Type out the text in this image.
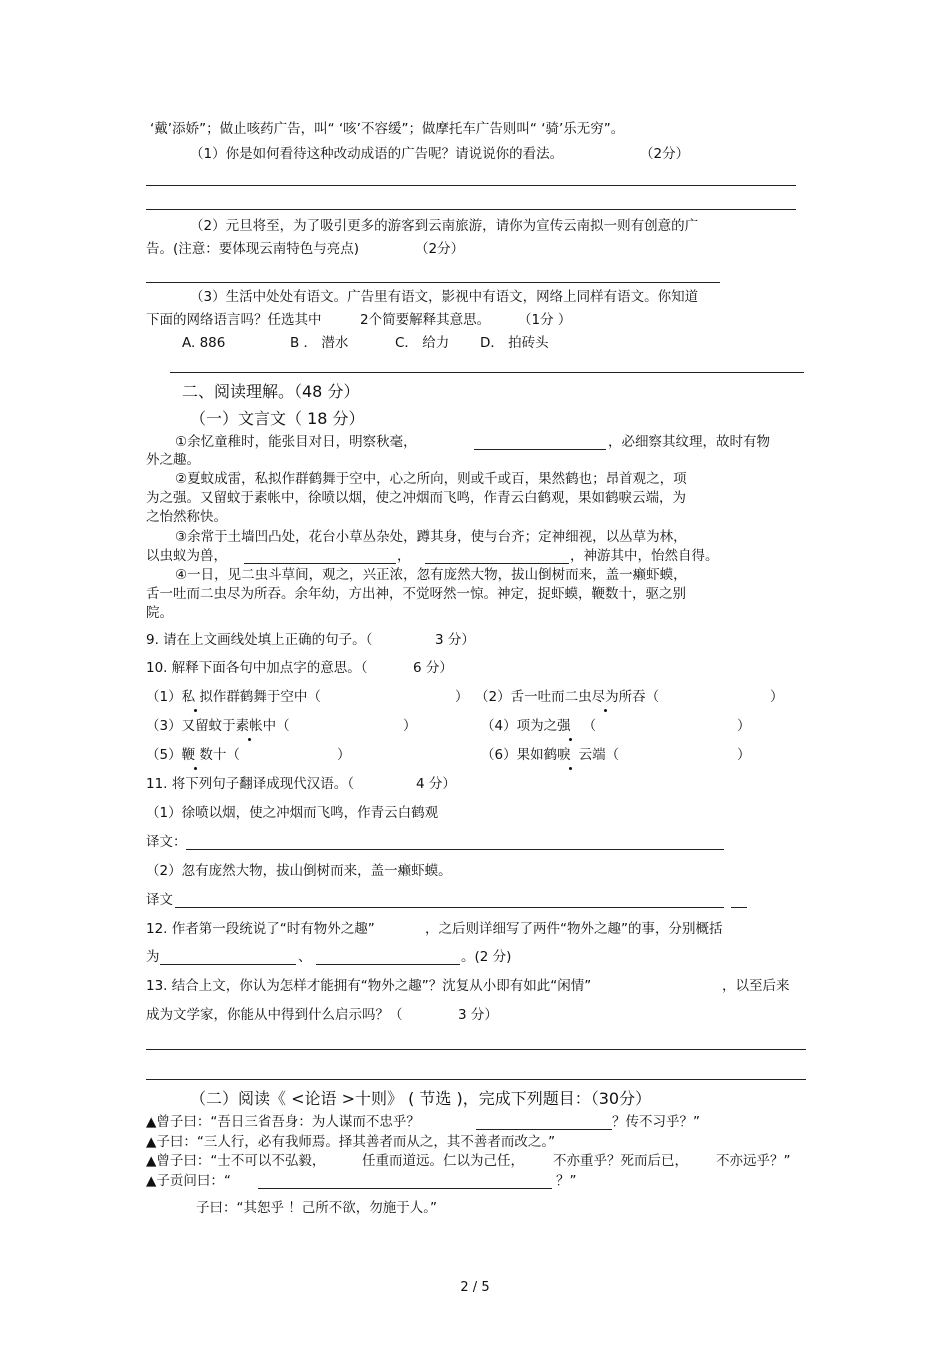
‘戴’添娇”；做止咳药广告，叫“ ‘咳’不容缓”；做摩托车广告则叫“ ‘骑’乐无穷”。
（1）你是如何看待这种改动成语的广告呢？请说说你的看法。	（2分）
（2）元旦将至，为了吸引更多的游客到云南旅游，请你为宣传云南拟一则有创意的广
告。(注意：要体现云南特色与亮点)	（2分）
（3）生活中处处有语文。广告里有语文，影视中有语文，网络上同样有语文。你知道
下面的网络语言吗？任选其中	2个简要解释其意思。 （1分 ）
A. 886	B ． 潜水	C． 给力 D． 拍砖头
二、阅读理解。（48 分）
（一）文言文（ 18 分）
①余忆童稚时，能张目对日，明察秋毫，	，必细察其纹理，故时有物
外之趣。
②夏蚊成雷，私拟作群鹤舞于空中，心之所向，则或千或百，果然鹤也；昂首观之，项
为之强。又留蚊于素帐中，徐喷以烟，使之冲烟而飞鸣，作青云白鹤观，果如鹤唳云端，为
之怡然称快。
③余常于土墙凹凸处，花台小草丛杂处，蹲其身，使与台齐；定神细视，以丛草为林，
以虫蚁为兽，	，	，神游其中，怡然自得。
④一日，见二虫斗草间，观之，兴正浓，忽有庞然大物，拔山倒树而来，盖一癞虾蟆，
舌一吐而二虫尽为所吞。余年幼，方出神，不觉呀然一惊。神定，捉虾蟆，鞭数十，驱之别
院。
9. 请在上文画线处填上正确的句子。（	3 分）
10. 解释下面各句中加点字的意思。（	6 分）
（1）私 拟作群鹤舞于空中（	） （2）舌一吐而二虫尽为所吞（	）
（3）又留蚊于素帐中（	）	（4）项为之强 （	）
（5）鞭 数十（	）	（6）果如鹤唳 云端（	）
11. 将下列句子翻译成现代汉语。（	4 分）
（1）徐喷以烟，使之冲烟而飞鸣，作青云白鹤观
译文：
（2）忽有庞然大物，拔山倒树而来，盖一癞虾蟆。
译文
12. 作者第一段统说了“时有物外之趣”	，之后则详细写了两件“物外之趣”的事，分别概括
为	、	。(2 分)
13. 结合上文，你认为怎样才能拥有“物外之趣”？沈复从小即有如此“闲情”	，以至后来
成为文学家，你能从中得到什么启示吗？（	3 分）
（二）阅读《 <论语 >十则》 ( 节选 )，完成下列题目：（30分）
▲曾子曰：“吾日三省吾身：为人谋而不忠乎？	？传不习乎？”
▲子曰：“三人行，必有我师焉。择其善者而从之，其不善者而改之。”
▲曾子曰：“士不可以不弘毅，	任重而道远。仁以为己任， 不亦重乎？死而后已， 不亦远乎？”
▲子贡问曰：“	？”
子曰：“其恕乎 ！己所不欲，勿施于人。”
2 / 5
